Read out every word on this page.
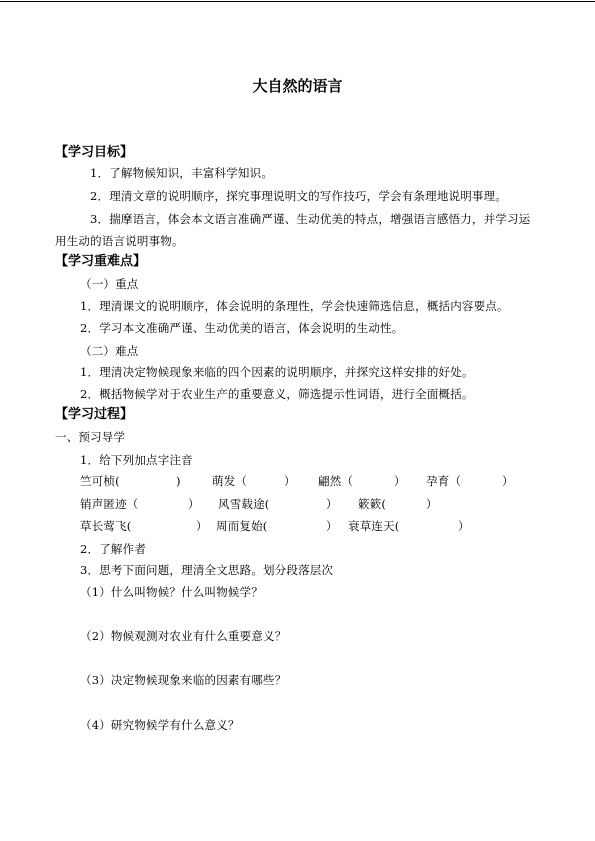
大自然的语言
【学习目标】
1．了解物候知识，丰富科学知识。
2．理清文章的说明顺序，探究事理说明文的写作技巧，学会有条理地说明事理。
3．揣摩语言，体会本文语言准确严谨、生动优美的特点，增强语言感悟力，并学习运
用生动的语言说明事物。
【学习重难点】
（一）重点
1．理清课文的说明顺序，体会说明的条理性，学会快速筛选信息，概括内容要点。
2．学习本文准确严谨、生动优美的语言，体会说明的生动性。
（二）难点
1．理清决定物候现象来临的四个因素的说明顺序，并探究这样安排的好处。
2．概括物候学对于农业生产的重要意义，筛选提示性词语，进行全面概括。
【学习过程】
一、预习导学
1．给下列加点字注音
竺可桢(	)	萌发（	） 翩然（	） 孕育（	）
销声匿迹（	） 风雪载途(	） 簌簌(	）
草长莺飞(	） 周而复始(	） 衰草连天(	）
2．了解作者
3．思考下面问题，理清全文思路。划分段落层次
（1）什么叫物候？什么叫物候学？
（2）物候观测对农业有什么重要意义？
（3）决定物候现象来临的因素有哪些？
（4）研究物候学有什么意义？
